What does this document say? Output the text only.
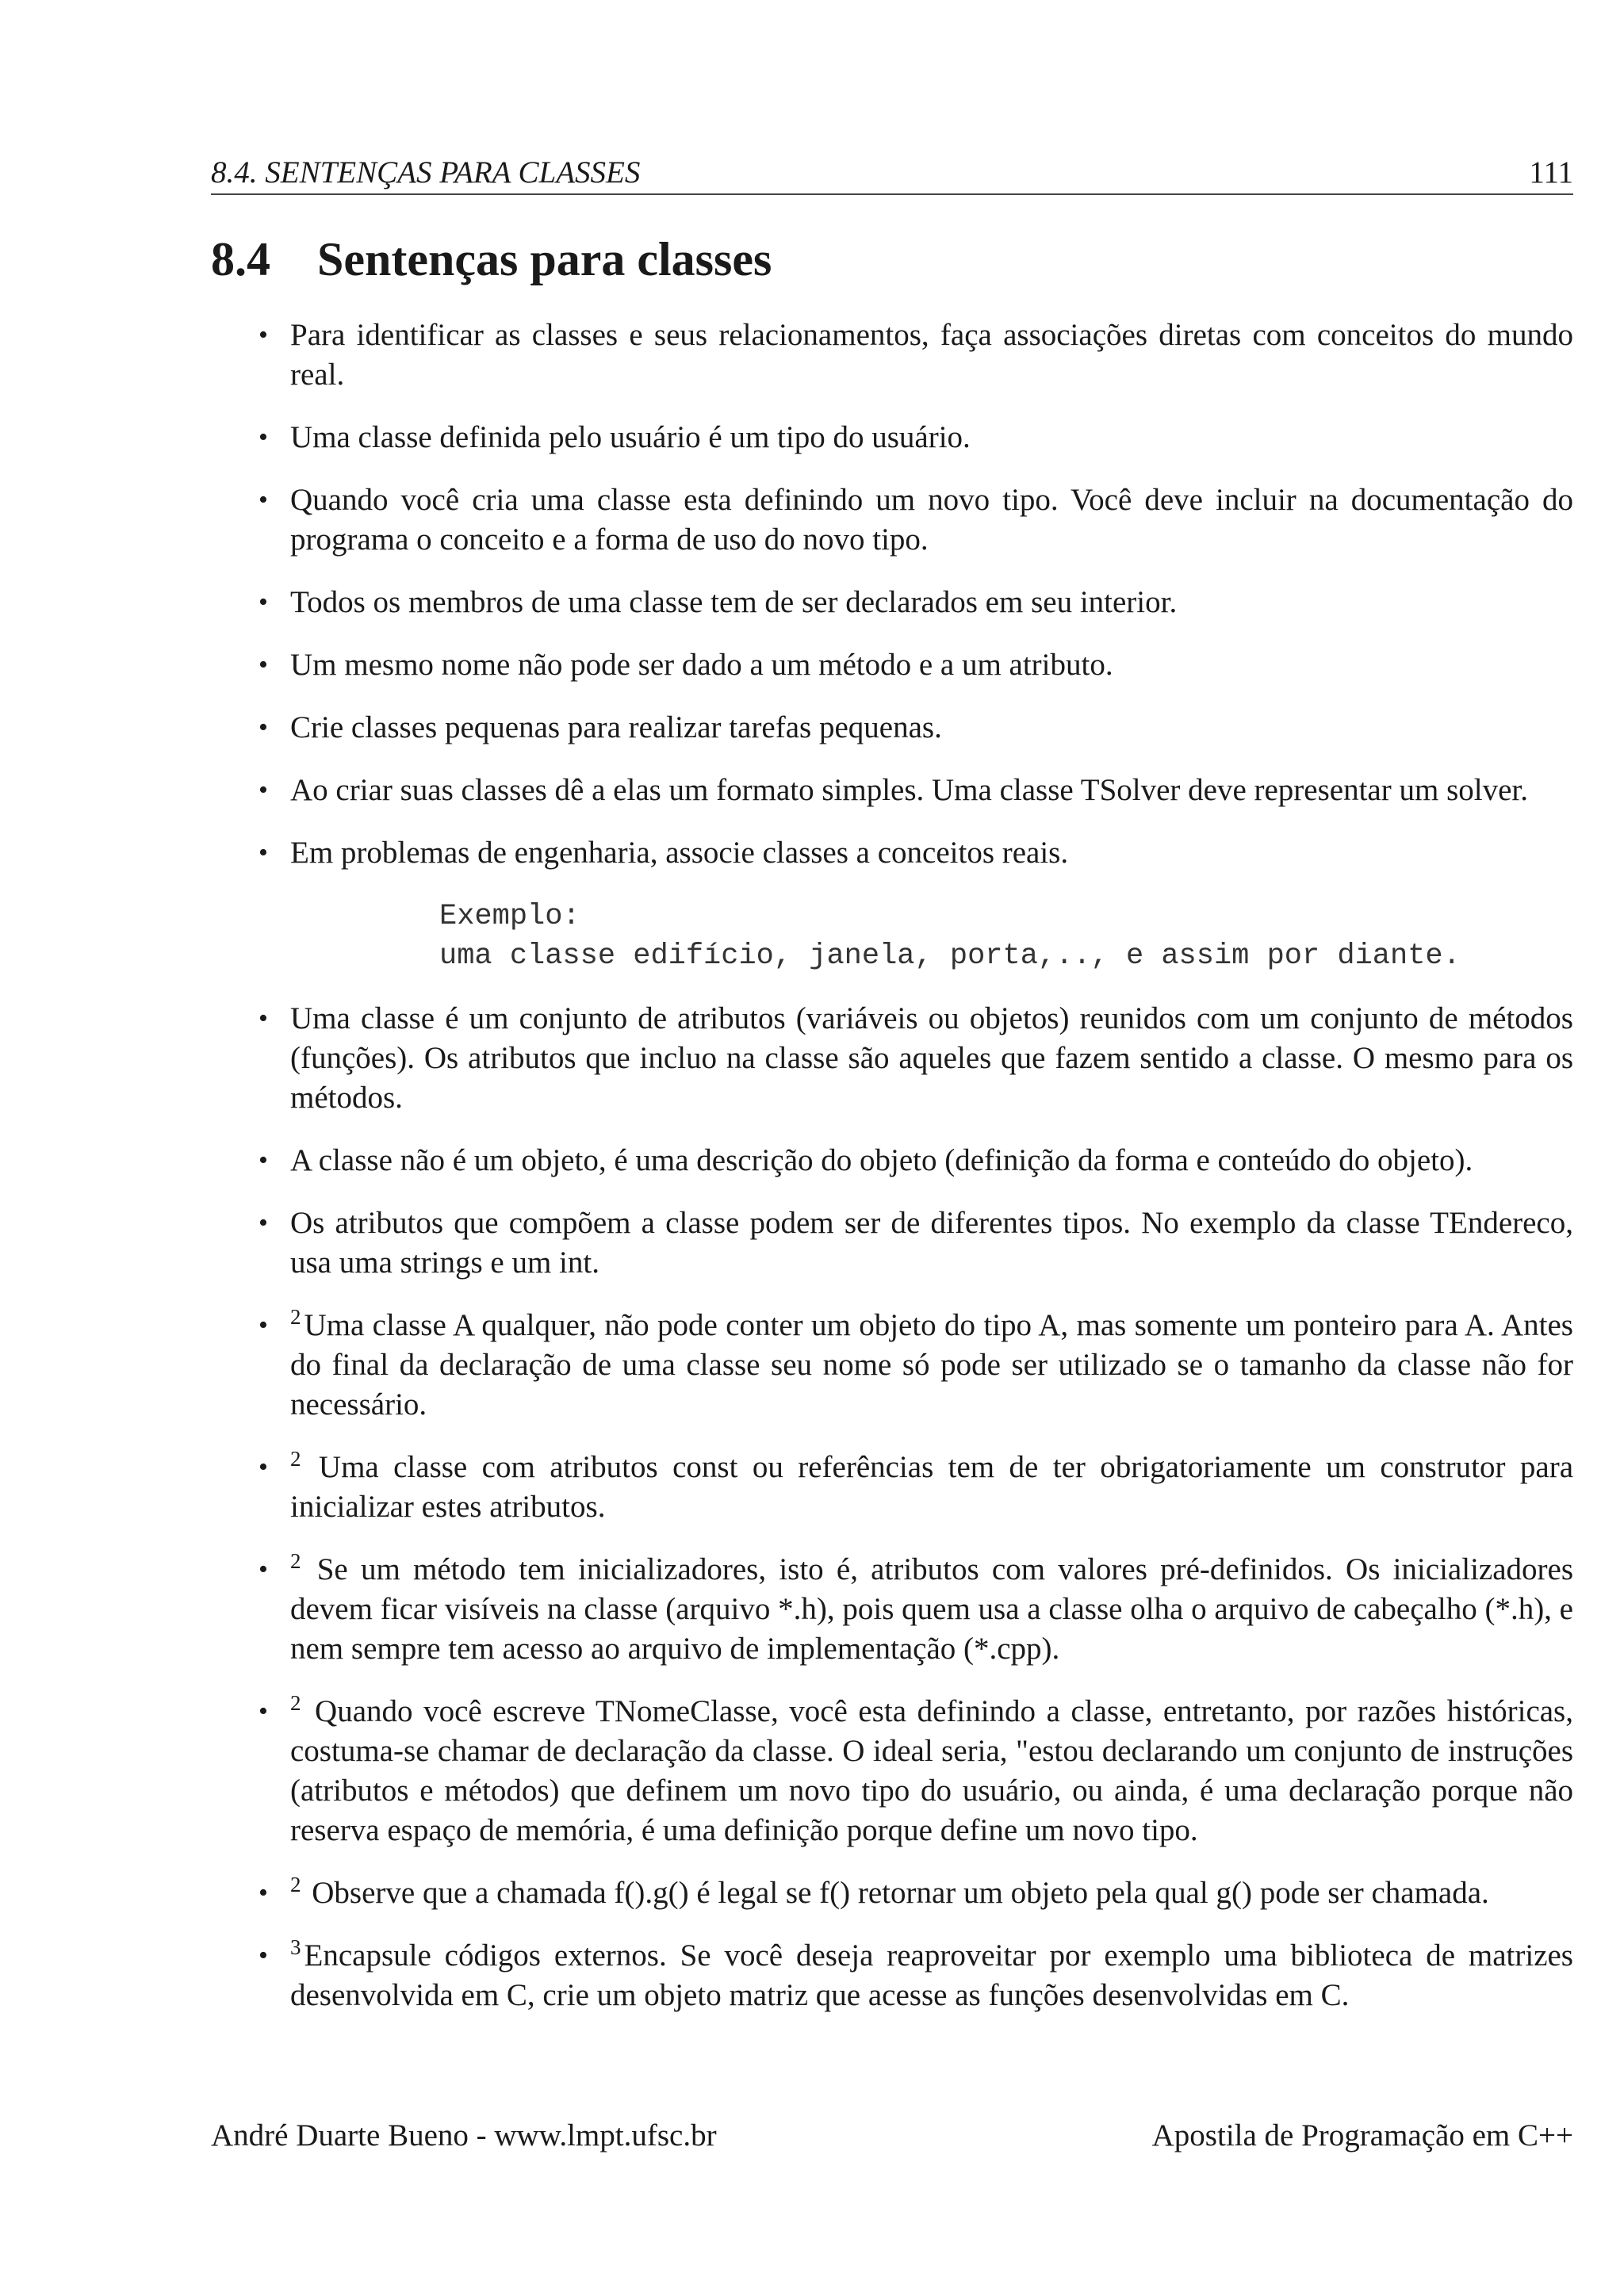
8.4. SENTENÇAS PARA CLASSES	111
8.4 Sentenças para classes
• Para identificar as classes e seus relacionamentos, faça associações diretas com conceitos do mundo real.
• Uma classe definida pelo usuário é um tipo do usuário.
• Quando você cria uma classe esta definindo um novo tipo. Você deve incluir na documentação do programa o conceito e a forma de uso do novo tipo.
• Todos os membros de uma classe tem de ser declarados em seu interior.
• Um mesmo nome não pode ser dado a um método e a um atributo.
• Crie classes pequenas para realizar tarefas pequenas.
• Ao criar suas classes dê a elas um formato simples. Uma classe TSolver deve representar um solver.
• Em problemas de engenharia, associe classes a conceitos reais.
Exemplo:
uma classe edifício, janela, porta,.., e assim por diante.
• Uma classe é um conjunto de atributos (variáveis ou objetos) reunidos com um conjunto de métodos (funções). Os atributos que incluo na classe são aqueles que fazem sentido a classe. O mesmo para os métodos.
• A classe não é um objeto, é uma descrição do objeto (definição da forma e conteúdo do objeto).
• Os atributos que compõem a classe podem ser de diferentes tipos. No exemplo da classe TEndereco, usa uma strings e um int.
• $^2$ Uma classe A qualquer, não pode conter um objeto do tipo A, mas somente um ponteiro para A. Antes do final da declaração de uma classe seu nome só pode ser utilizado se o tamanho da classe não for necessário.
• $^2$ Uma classe com atributos const ou referências tem de ter obrigatoriamente um construtor para inicializar estes atributos.
• $^2$ Se um método tem inicializadores, isto é, atributos com valores pré-definidos. Os inicializadores devem ficar visíveis na classe (arquivo *.h), pois quem usa a classe olha o arquivo de cabeçalho (*.h), e nem sempre tem acesso ao arquivo de implementação (*.cpp).
• $^2$ Quando você escreve TNomeClasse, você esta definindo a classe, entretanto, por razões históricas, costuma-se chamar de declaração da classe. O ideal seria, "estou declarando um conjunto de instruções (atributos e métodos) que definem um novo tipo do usuário, ou ainda, é uma declaração porque não reserva espaço de memória, é uma definição porque define um novo tipo.
• $^2$ Observe que a chamada f().g() é legal se f() retornar um objeto pela qual g() pode ser chamada.
• $^3$ Encapsule códigos externos. Se você deseja reaproveitar por exemplo uma biblioteca de matrizes desenvolvida em C, crie um objeto matriz que acesse as funções desenvolvidas em C.
André Duarte Bueno - www.lmpt.ufsc.br	Apostila de Programação em C++
